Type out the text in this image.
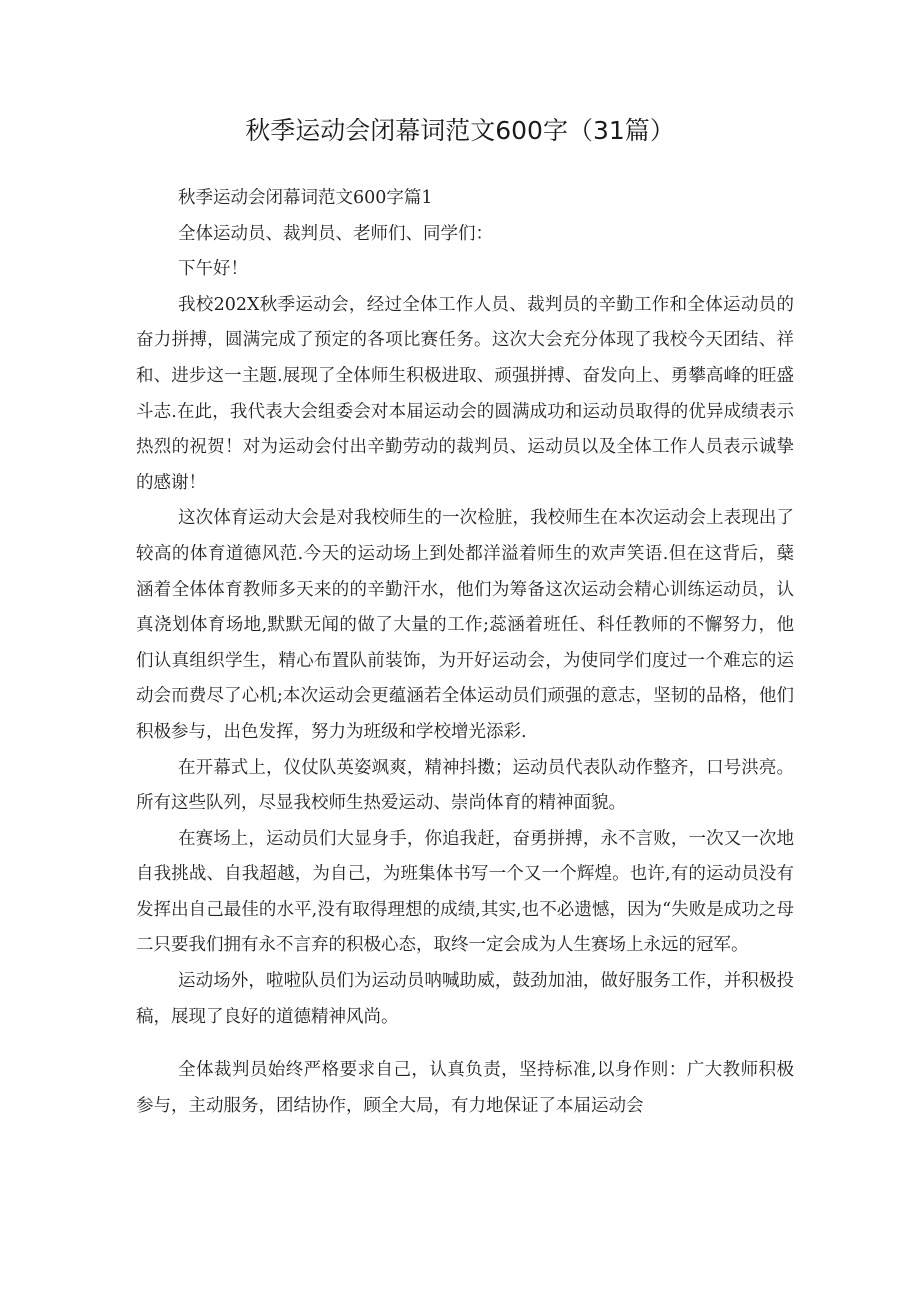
秋季运动会闭幕词范文600字（31篇）

秋季运动会闭幕词范文600字篇1

全体运动员、裁判员、老师们、同学们：

下午好！

我校202X秋季运动会，经过全体工作人员、裁判员的辛勤工作和全体运动员的奋力拼搏，圆满完成了预定的各项比赛任务。这次大会充分体现了我校今天团结、祥和、进步这一主题.展现了全体师生积极进取、顽强拼搏、奋发向上、勇攀高峰的旺盛斗志.在此，我代表大会组委会对本届运动会的圆满成功和运动员取得的优异成绩表示热烈的祝贺！对为运动会付出辛勤劳动的裁判员、运动员以及全体工作人员表示诚挚的感谢！

这次体育运动大会是对我校师生的一次检脏，我校师生在本次运动会上表现出了较高的体育道德风范.今天的运动场上到处都洋溢着师生的欢声笑语.但在这背后，蘖涵着全体体育教师多天来的的辛勤汗水，他们为筹备这次运动会精心训练运动员，认真浇划体育场地,默默无闻的做了大量的工作;蕊涵着班任、科任教师的不懈努力，他们认真组织学生，精心布置队前装饰，为开好运动会，为使同学们度过一个难忘的运动会而费尽了心机;本次运动会更蕴涵若全体运动员们顽强的意志，坚韧的品格，他们积极参与，出色发挥，努力为班级和学校增光添彩.

在开幕式上，仪仗队英姿飒爽，精神抖擞；运动员代表队动作整齐，口号洪亮。所有这些队列，尽显我校师生热爱运动、崇尚体育的精神面貌。

在赛场上，运动员们大显身手，你追我赶，奋勇拼搏，永不言败，一次又一次地自我挑战、自我超越，为自己，为班集体书写一个又一个辉煌。也许,有的运动员没有发挥出自己最佳的水平,没有取得理想的成绩,其实,也不必遗憾，因为“失败是成功之母二只要我们拥有永不言弃的积极心态，取终一定会成为人生赛场上永远的冠军。

运动场外，啦啦队员们为运动员呐喊助威，鼓劲加油，做好服务工作，并积极投稿，展现了良好的道德精神风尚。

全体裁判员始终严格要求自己，认真负责，坚持标准,以身作则：广大教师积极参与，主动服务，团结协作，顾全大局，有力地保证了本届运动会
